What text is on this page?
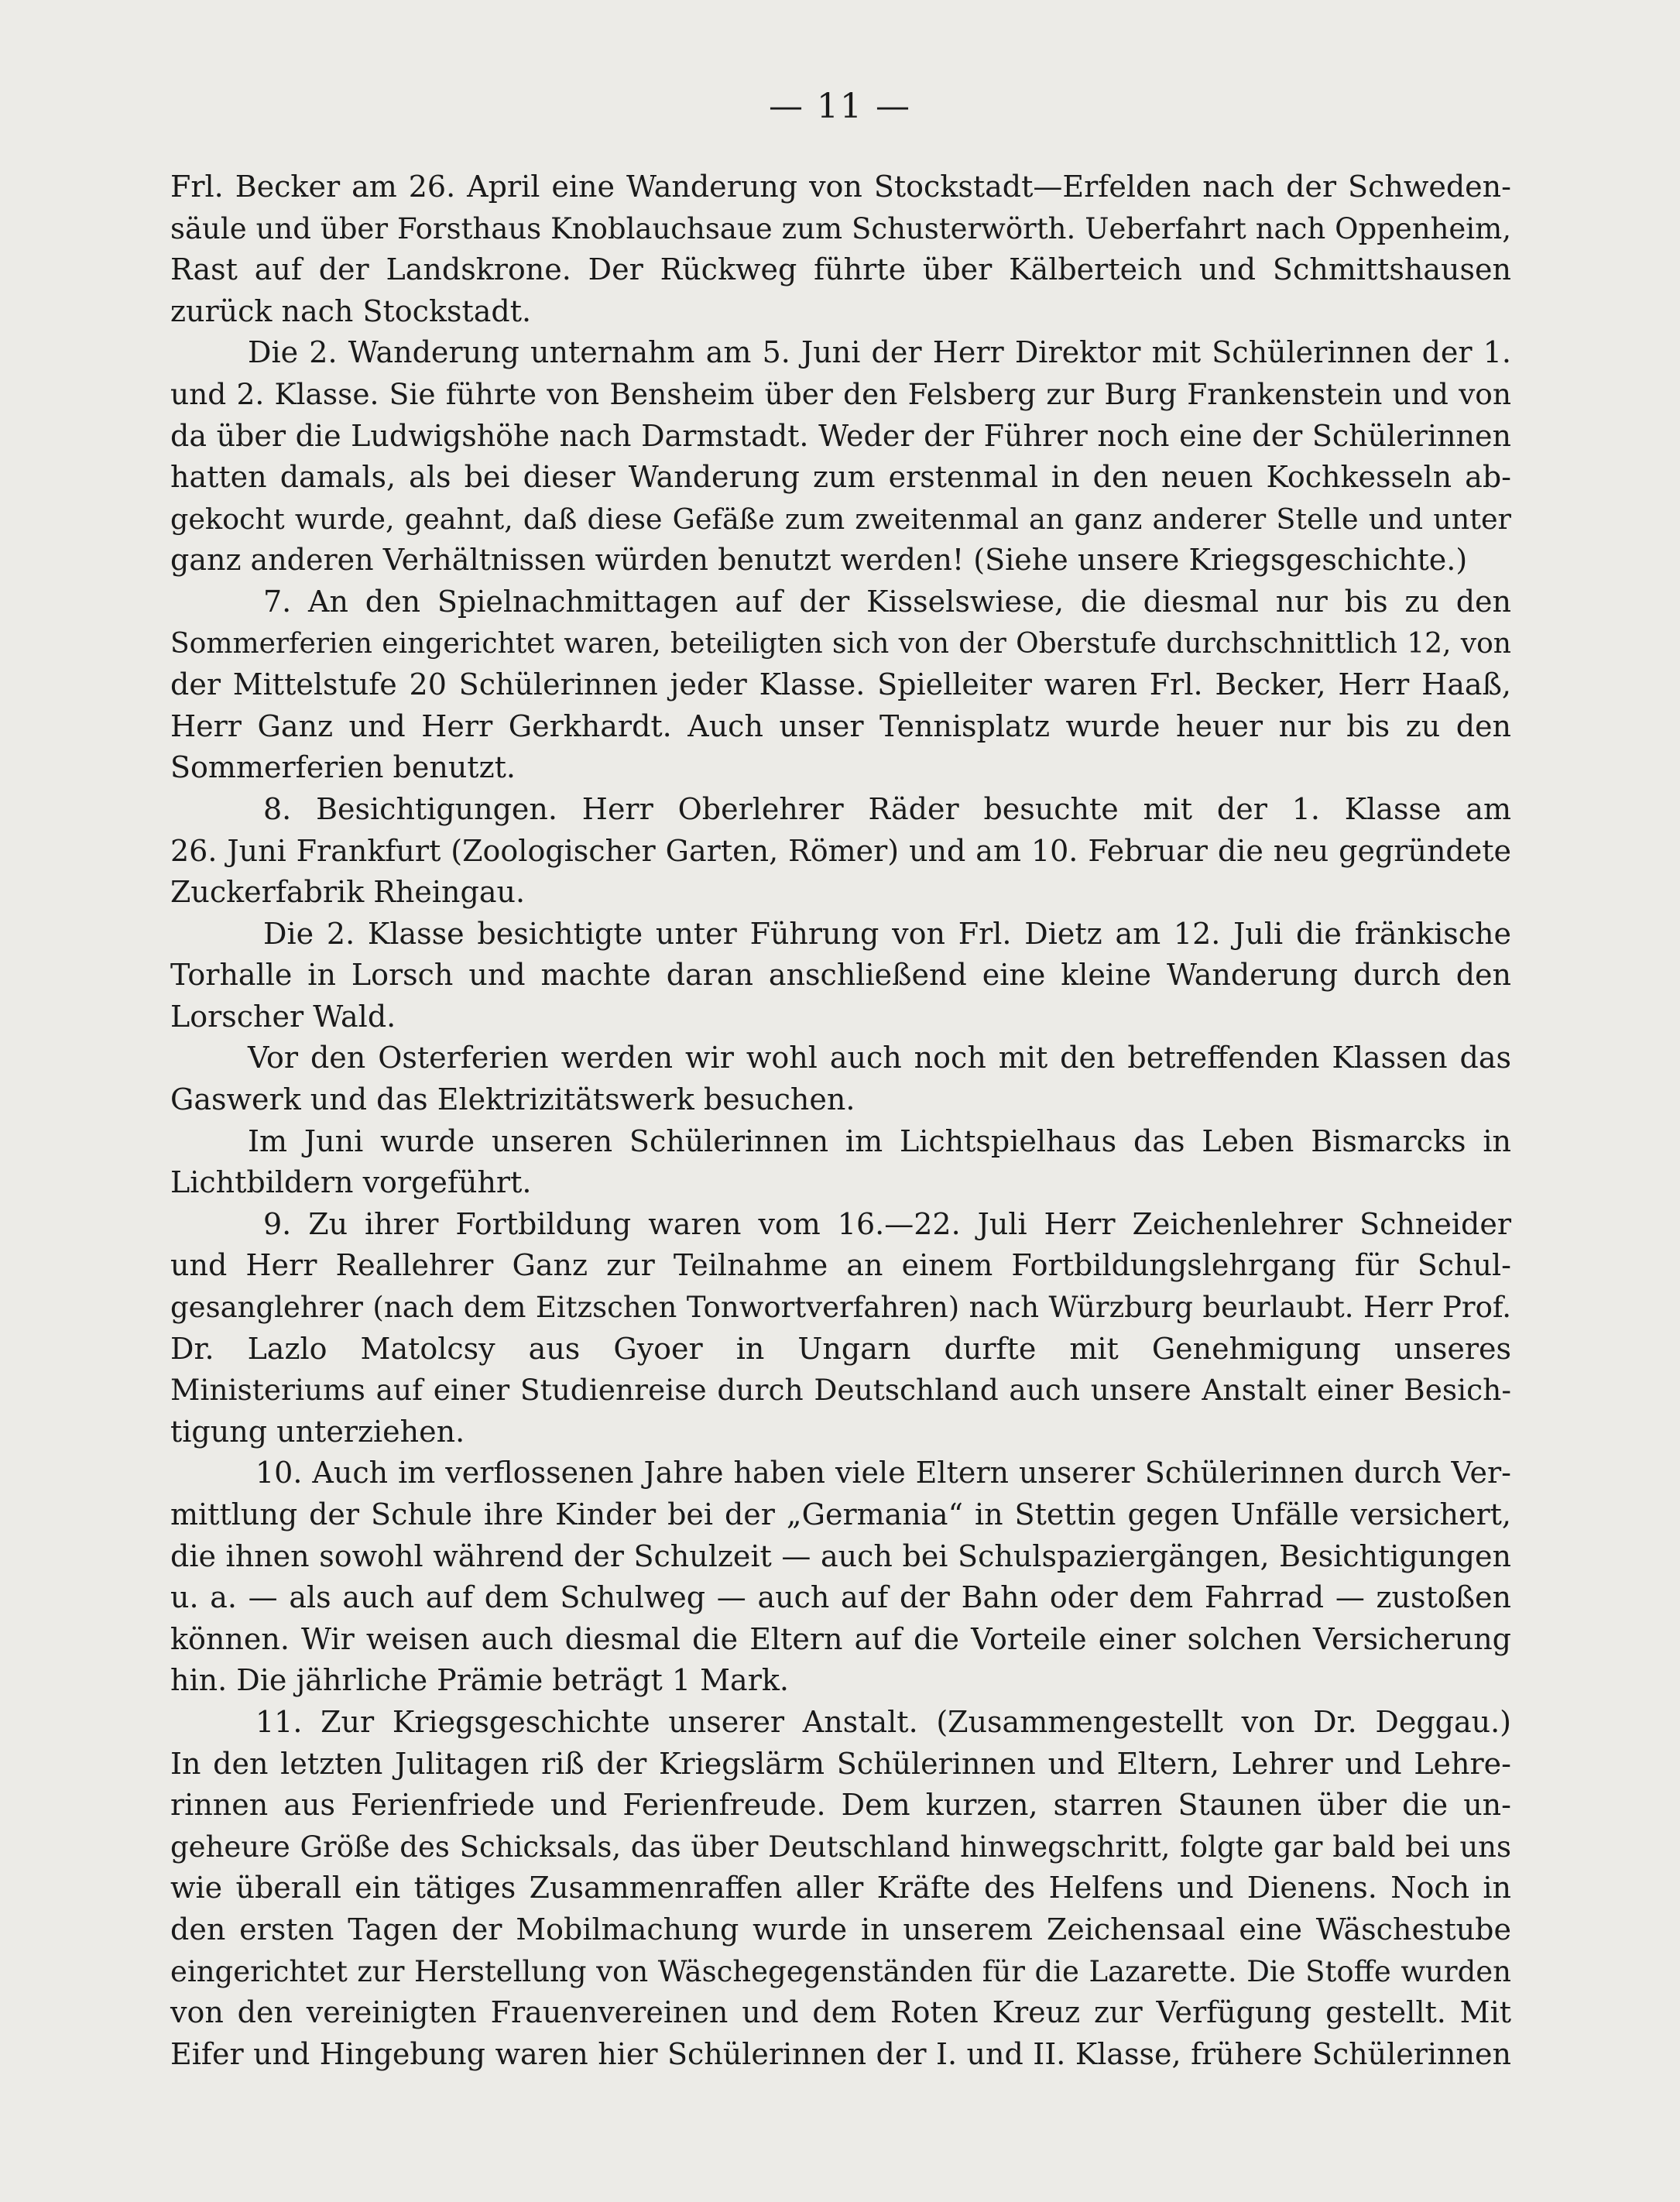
— 11 —
Frl. Becker am 26. April eine Wanderung von Stockstadt—Erfelden nach der Schweden-
säule und über Forsthaus Knoblauchsaue zum Schusterwörth. Ueberfahrt nach Oppenheim,
Rast auf der Landskrone. Der Rückweg führte über Kälberteich und Schmittshausen
zurück nach Stockstadt.
Die 2. Wanderung unternahm am 5. Juni der Herr Direktor mit Schülerinnen der 1.
und 2. Klasse. Sie führte von Bensheim über den Felsberg zur Burg Frankenstein und von
da über die Ludwigshöhe nach Darmstadt. Weder der Führer noch eine der Schülerinnen
hatten damals, als bei dieser Wanderung zum erstenmal in den neuen Kochkesseln ab-
gekocht wurde, geahnt, daß diese Gefäße zum zweitenmal an ganz anderer Stelle und unter
ganz anderen Verhältnissen würden benutzt werden! (Siehe unsere Kriegsgeschichte.)
7. An den Spielnachmittagen auf der Kisselswiese, die diesmal nur bis zu den
Sommerferien eingerichtet waren, beteiligten sich von der Oberstufe durchschnittlich 12, von
der Mittelstufe 20 Schülerinnen jeder Klasse. Spielleiter waren Frl. Becker, Herr Haaß,
Herr Ganz und Herr Gerkhardt. Auch unser Tennisplatz wurde heuer nur bis zu den
Sommerferien benutzt.
8. Besichtigungen. Herr Oberlehrer Räder besuchte mit der 1. Klasse am
26. Juni Frankfurt (Zoologischer Garten, Römer) und am 10. Februar die neu gegründete
Zuckerfabrik Rheingau.
Die 2. Klasse besichtigte unter Führung von Frl. Dietz am 12. Juli die fränkische
Torhalle in Lorsch und machte daran anschließend eine kleine Wanderung durch den
Lorscher Wald.
Vor den Osterferien werden wir wohl auch noch mit den betreffenden Klassen das
Gaswerk und das Elektrizitätswerk besuchen.
Im Juni wurde unseren Schülerinnen im Lichtspielhaus das Leben Bismarcks in
Lichtbildern vorgeführt.
9. Zu ihrer Fortbildung waren vom 16.—22. Juli Herr Zeichenlehrer Schneider
und Herr Reallehrer Ganz zur Teilnahme an einem Fortbildungslehrgang für Schul-
gesanglehrer (nach dem Eitzschen Tonwortverfahren) nach Würzburg beurlaubt. Herr Prof.
Dr. Lazlo Matolcsy aus Gyoer in Ungarn durfte mit Genehmigung unseres
Ministeriums auf einer Studienreise durch Deutschland auch unsere Anstalt einer Besich-
tigung unterziehen.
10. Auch im verflossenen Jahre haben viele Eltern unserer Schülerinnen durch Ver-
mittlung der Schule ihre Kinder bei der „Germania“ in Stettin gegen Unfälle versichert,
die ihnen sowohl während der Schulzeit — auch bei Schulspaziergängen, Besichtigungen
u. a. — als auch auf dem Schulweg — auch auf der Bahn oder dem Fahrrad — zustoßen
können. Wir weisen auch diesmal die Eltern auf die Vorteile einer solchen Versicherung
hin. Die jährliche Prämie beträgt 1 Mark.
11. Zur Kriegsgeschichte unserer Anstalt. (Zusammengestellt von Dr. Deggau.)
In den letzten Julitagen riß der Kriegslärm Schülerinnen und Eltern, Lehrer und Lehre-
rinnen aus Ferienfriede und Ferienfreude. Dem kurzen, starren Staunen über die un-
geheure Größe des Schicksals, das über Deutschland hinwegschritt, folgte gar bald bei uns
wie überall ein tätiges Zusammenraffen aller Kräfte des Helfens und Dienens. Noch in
den ersten Tagen der Mobilmachung wurde in unserem Zeichensaal eine Wäschestube
eingerichtet zur Herstellung von Wäschegegenständen für die Lazarette. Die Stoffe wurden
von den vereinigten Frauenvereinen und dem Roten Kreuz zur Verfügung gestellt. Mit
Eifer und Hingebung waren hier Schülerinnen der I. und II. Klasse, frühere Schülerinnen
